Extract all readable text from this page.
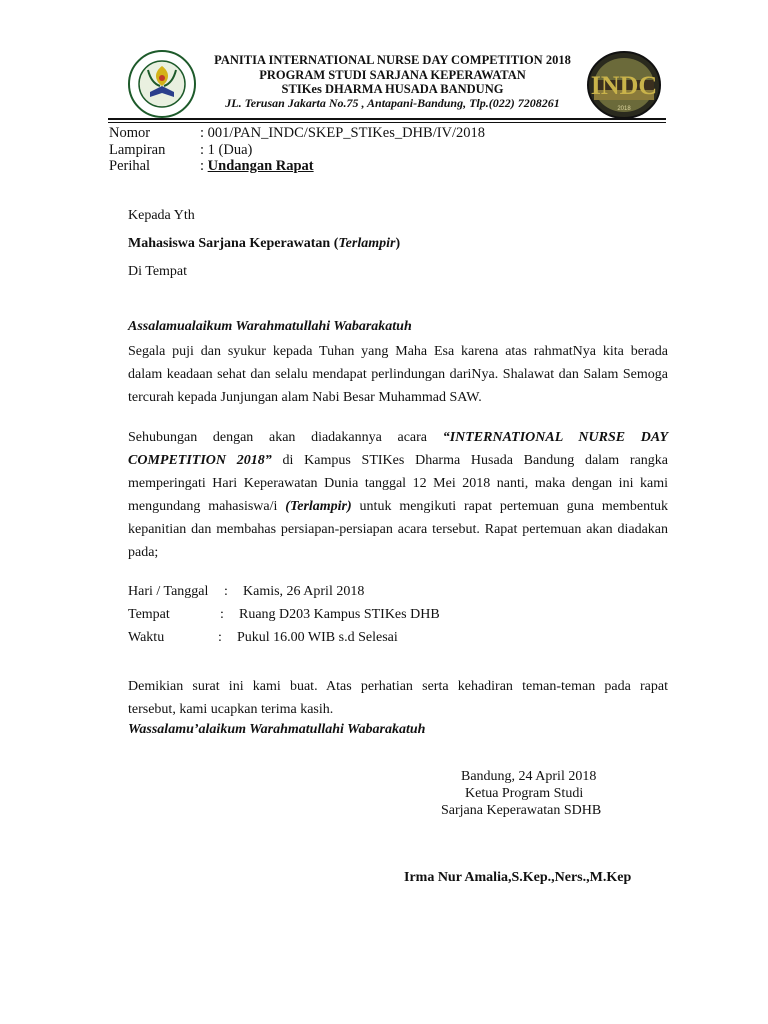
INDC
2018
PANITIA INTERNATIONAL NURSE DAY COMPETITION 2018
PROGRAM STUDI SARJANA KEPERAWATAN
STIKes DHARMA HUSADA BANDUNG
JL. Terusan Jakarta No.75 , Antapani-Bandung, Tlp.(022) 7208261
Nomor	: 001/PAN_INDC/SKEP_STIKes_DHB/IV/2018
Lampiran : 1 (Dua)
Perihal	: Undangan Rapat
Kepada Yth
Mahasiswa Sarjana Keperawatan (Terlampir)
Di Tempat
Assalamualaikum Warahmatullahi Wabarakatuh
Segala puji dan syukur kepada Tuhan yang Maha Esa karena atas rahmatNya kita berada
dalam keadaan sehat dan selalu mendapat perlindungan dariNya. Shalawat dan Salam Semoga
tercurah kepada Junjungan alam Nabi Besar Muhammad SAW.
Sehubungan dengan akan diadakannya acara “INTERNATIONAL NURSE DAY
COMPETITION 2018” di Kampus STIKes Dharma Husada Bandung dalam rangka
memperingati Hari Keperawatan Dunia tanggal 12 Mei 2018 nanti, maka dengan ini kami
mengundang mahasiswa/i (Terlampir) untuk mengikuti rapat pertemuan guna membentuk
kepanitian dan membahas persiapan-persiapan acara tersebut. Rapat pertemuan akan diadakan
pada;
Hari / Tanggal : Kamis, 26 April 2018
Tempat	: Ruang D203 Kampus STIKes DHB
Waktu	: Pukul 16.00 WIB s.d Selesai
Demikian surat ini kami buat. Atas perhatian serta kehadiran teman-teman pada rapat
tersebut, kami ucapkan terima kasih.
Wassalamu’alaikum Warahmatullahi Wabarakatuh
Bandung, 24 April 2018
Ketua Program Studi
Sarjana Keperawatan SDHB
Irma Nur Amalia,S.Kep.,Ners.,M.Kep
